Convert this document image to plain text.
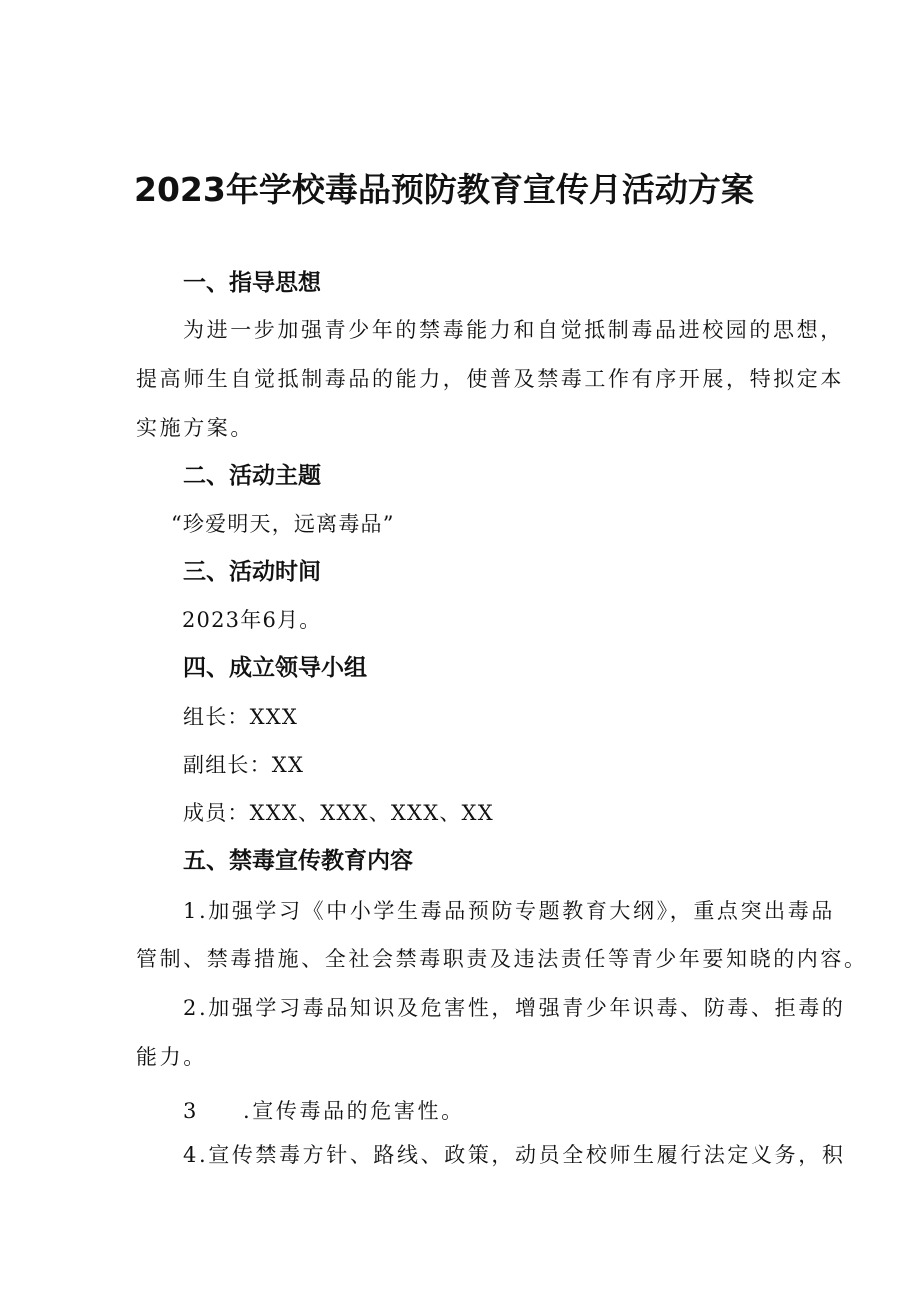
2023年学校毒品预防教育宣传月活动方案
一、指导思想
为进一步加强青少年的禁毒能力和自觉抵制毒品进校园的思想，
提高师生自觉抵制毒品的能力，使普及禁毒工作有序开展，特拟定本
实施方案。
二、活动主题
“珍爱明天，远离毒品”
三、活动时间
2023年6月。
四、成立领导小组
组长：XXX
副组长：XX
成员：XXX、XXX、XXX、XX
五、禁毒宣传教育内容
1.加强学习《中小学生毒品预防专题教育大纲》，重点突出毒品
管制、禁毒措施、全社会禁毒职责及违法责任等青少年要知晓的内容。
2.加强学习毒品知识及危害性，增强青少年识毒、防毒、拒毒的
能力。
3 .宣传毒品的危害性。
4.宣传禁毒方针、路线、政策，动员全校师生履行法定义务，积
